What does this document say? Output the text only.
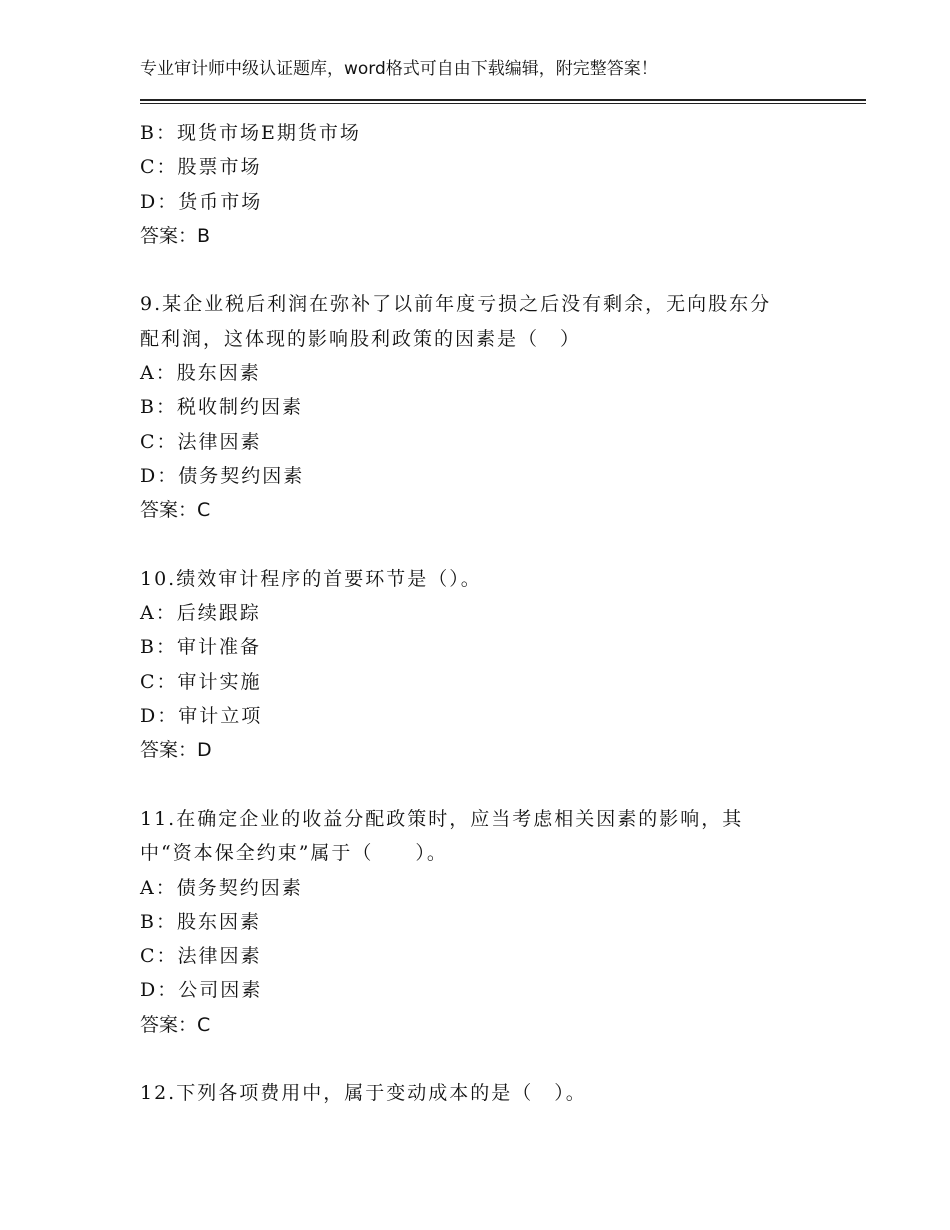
专业审计师中级认证题库，word格式可自由下载编辑，附完整答案！
B：现货市场E期货市场
C：股票市场
D：货币市场
答案：B
9.某企业税后利润在弥补了以前年度亏损之后没有剩余，无向股东分
配利润，这体现的影响股利政策的因素是（　）
A：股东因素
B：税收制约因素
C：法律因素
D：债务契约因素
答案：C
10.绩效审计程序的首要环节是（）。
A：后续跟踪
B：审计准备
C：审计实施
D：审计立项
答案：D
11.在确定企业的收益分配政策时，应当考虑相关因素的影响，其
中“资本保全约束”属于（　　）。
A：债务契约因素
B：股东因素
C：法律因素
D：公司因素
答案：C
12.下列各项费用中，属于变动成本的是（　）。
